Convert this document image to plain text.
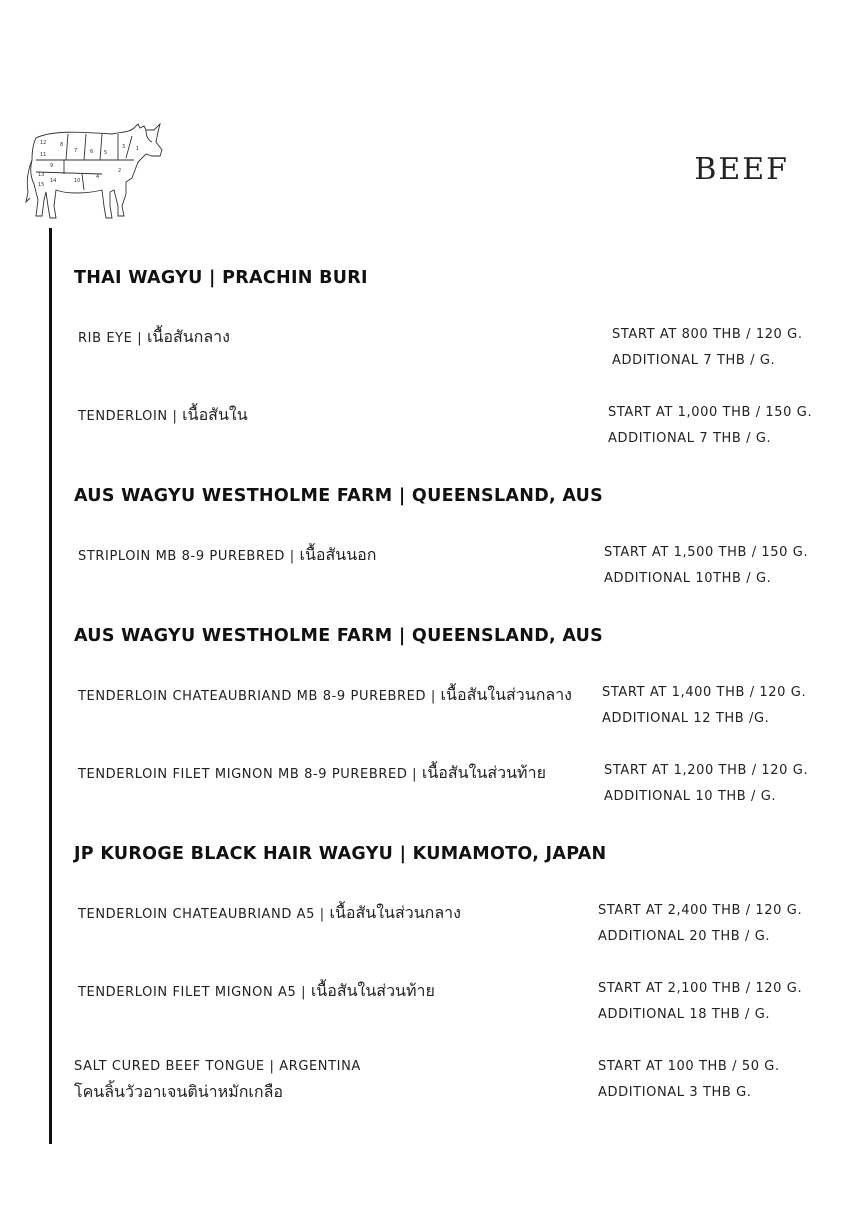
BEEF
12	8
7	6 5
3 1
11
9
4
2
10
13
15
14
THAI WAGYU | PRACHIN BURI
RIB EYE | เนื้อสันกลาง	START AT 800 THB / 120 G.
ADDITIONAL 7 THB / G.
TENDERLOIN | เนื้อสันใน	START AT 1,000 THB / 150 G.
ADDITIONAL 7 THB / G.
AUS WAGYU WESTHOLME FARM | QUEENSLAND, AUS
STRIPLOIN MB 8-9 PUREBRED | เนื้อสันนอก	START AT 1,500 THB / 150 G.
ADDITIONAL 10THB / G.
AUS WAGYU WESTHOLME FARM | QUEENSLAND, AUS
TENDERLOIN CHATEAUBRIAND MB 8-9 PUREBRED | เนื้อสันในส่วนกลาง START AT 1,400 THB / 120 G.
ADDITIONAL 12 THB /G.
TENDERLOIN FILET MIGNON MB 8-9 PUREBRED | เนื้อสันในส่วนท้าย	START AT 1,200 THB / 120 G.
ADDITIONAL 10 THB / G.
JP KUROGE BLACK HAIR WAGYU | KUMAMOTO, JAPAN
TENDERLOIN CHATEAUBRIAND A5 | เนื้อสันในส่วนกลาง	START AT 2,400 THB / 120 G.
ADDITIONAL 20 THB / G.
TENDERLOIN FILET MIGNON A5 | เนื้อสันในส่วนท้าย	START AT 2,100 THB / 120 G.
ADDITIONAL 18 THB / G.
SALT CURED BEEF TONGUE | ARGENTINA
โคนลิ้นวัวอาเจนติน่าหมักเกลือ
START AT 100 THB / 50 G.
ADDITIONAL 3 THB G.
